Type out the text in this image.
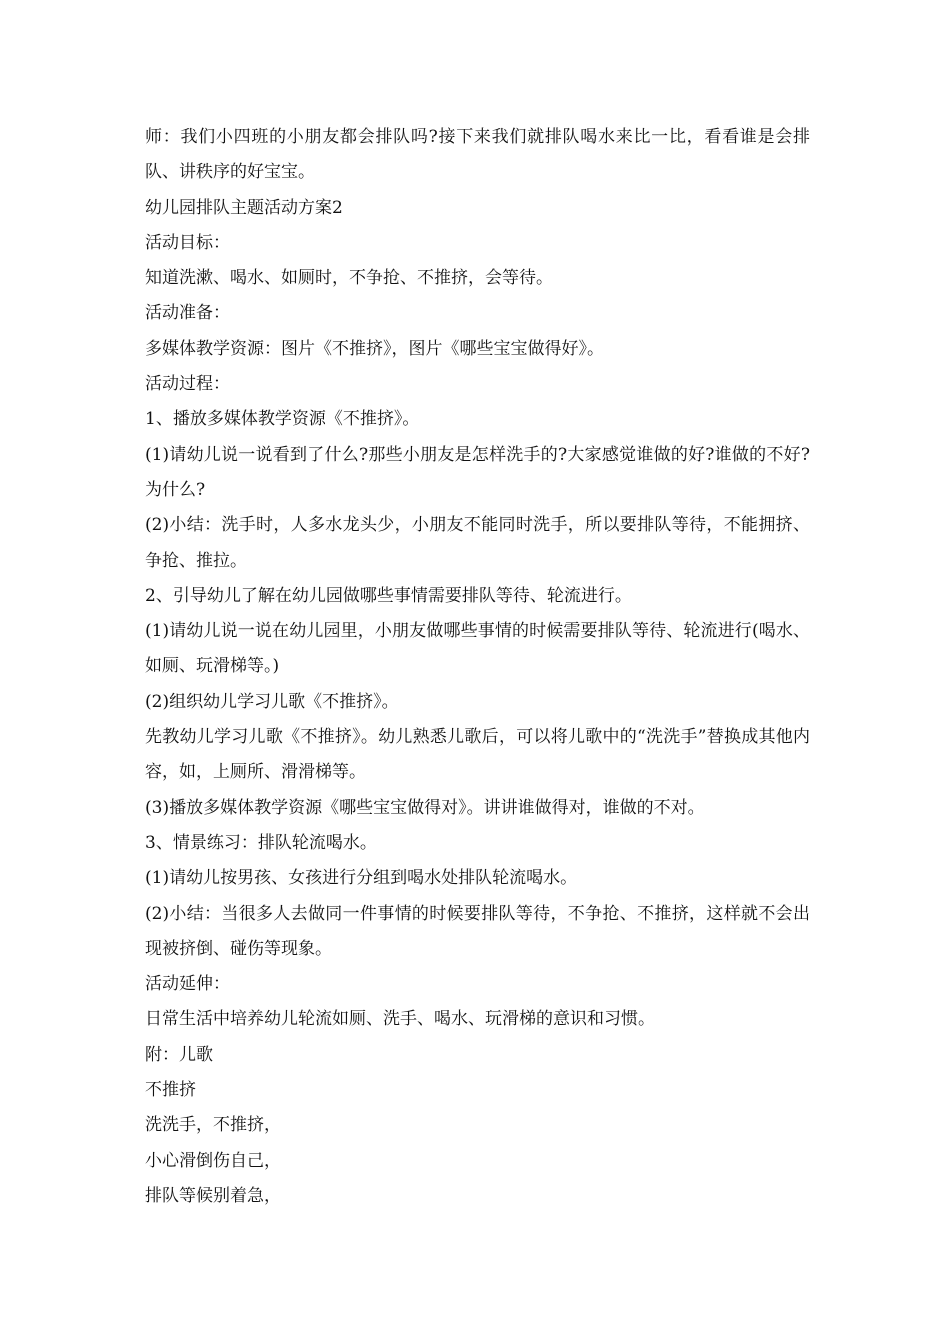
师：我们小四班的小朋友都会排队吗?接下来我们就排队喝水来比一比，看看谁是会排队、讲秩序的好宝宝。

幼儿园排队主题活动方案2

活动目标：

知道洗漱、喝水、如厕时，不争抢、不推挤，会等待。

活动准备：

多媒体教学资源：图片《不推挤》，图片《哪些宝宝做得好》。

活动过程：

1、播放多媒体教学资源《不推挤》。

(1)请幼儿说一说看到了什么?那些小朋友是怎样洗手的?大家感觉谁做的好?谁做的不好?为什么?

(2)小结：洗手时，人多水龙头少，小朋友不能同时洗手，所以要排队等待，不能拥挤、争抢、推拉。

2、引导幼儿了解在幼儿园做哪些事情需要排队等待、轮流进行。

(1)请幼儿说一说在幼儿园里，小朋友做哪些事情的时候需要排队等待、轮流进行(喝水、如厕、玩滑梯等。)

(2)组织幼儿学习儿歌《不推挤》。

先教幼儿学习儿歌《不推挤》。幼儿熟悉儿歌后，可以将儿歌中的“洗洗手”替换成其他内容，如，上厕所、滑滑梯等。

(3)播放多媒体教学资源《哪些宝宝做得对》。讲讲谁做得对，谁做的不对。

3、情景练习：排队轮流喝水。

(1)请幼儿按男孩、女孩进行分组到喝水处排队轮流喝水。

(2)小结：当很多人去做同一件事情的时候要排队等待，不争抢、不推挤，这样就不会出现被挤倒、碰伤等现象。

活动延伸：

日常生活中培养幼儿轮流如厕、洗手、喝水、玩滑梯的意识和习惯。

附：儿歌

不推挤

洗洗手，不推挤，

小心滑倒伤自己，

排队等候别着急，
